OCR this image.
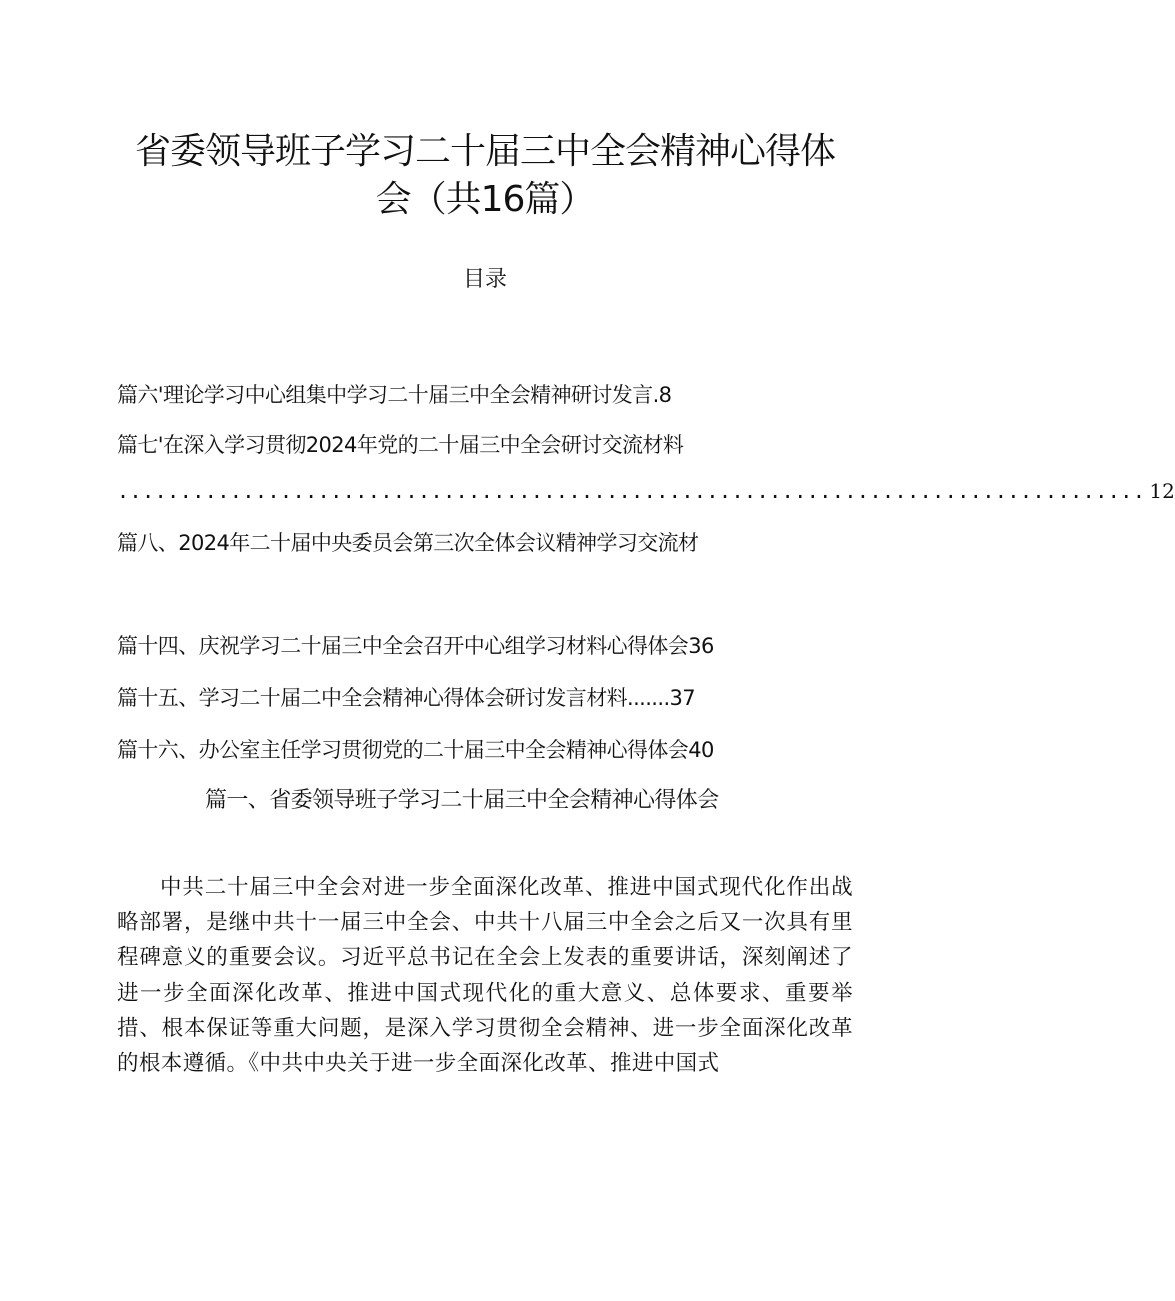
省委领导班子学习二十届三中全会精神心得体会（共16篇）
目录
篇六'理论学习中心组集中学习二十届三中全会精神研讨发言.8
篇七'在深入学习贯彻2024年党的二十届三中全会研讨交流材料
.................................................................................. 12
篇八、2024年二十届中央委员会第三次全体会议精神学习交流材
篇十四、庆祝学习二十届三中全会召开中心组学习材料心得体会36
篇十五、学习二十届二中全会精神心得体会研讨发言材料.......37
篇十六、办公室主任学习贯彻党的二十届三中全会精神心得体会40
篇一、省委领导班子学习二十届三中全会精神心得体会
中共二十届三中全会对进一步全面深化改革、推进中国式现代化作出战略部署，是继中共十一届三中全会、中共十八届三中全会之后又一次具有里程碑意义的重要会议。习近平总书记在全会上发表的重要讲话，深刻阐述了进一步全面深化改革、推进中国式现代化的重大意义、总体要求、重要举措、根本保证等重大问题，是深入学习贯彻全会精神、进一步全面深化改革的根本遵循。《中共中央关于进一步全面深化改革、推进中国式
